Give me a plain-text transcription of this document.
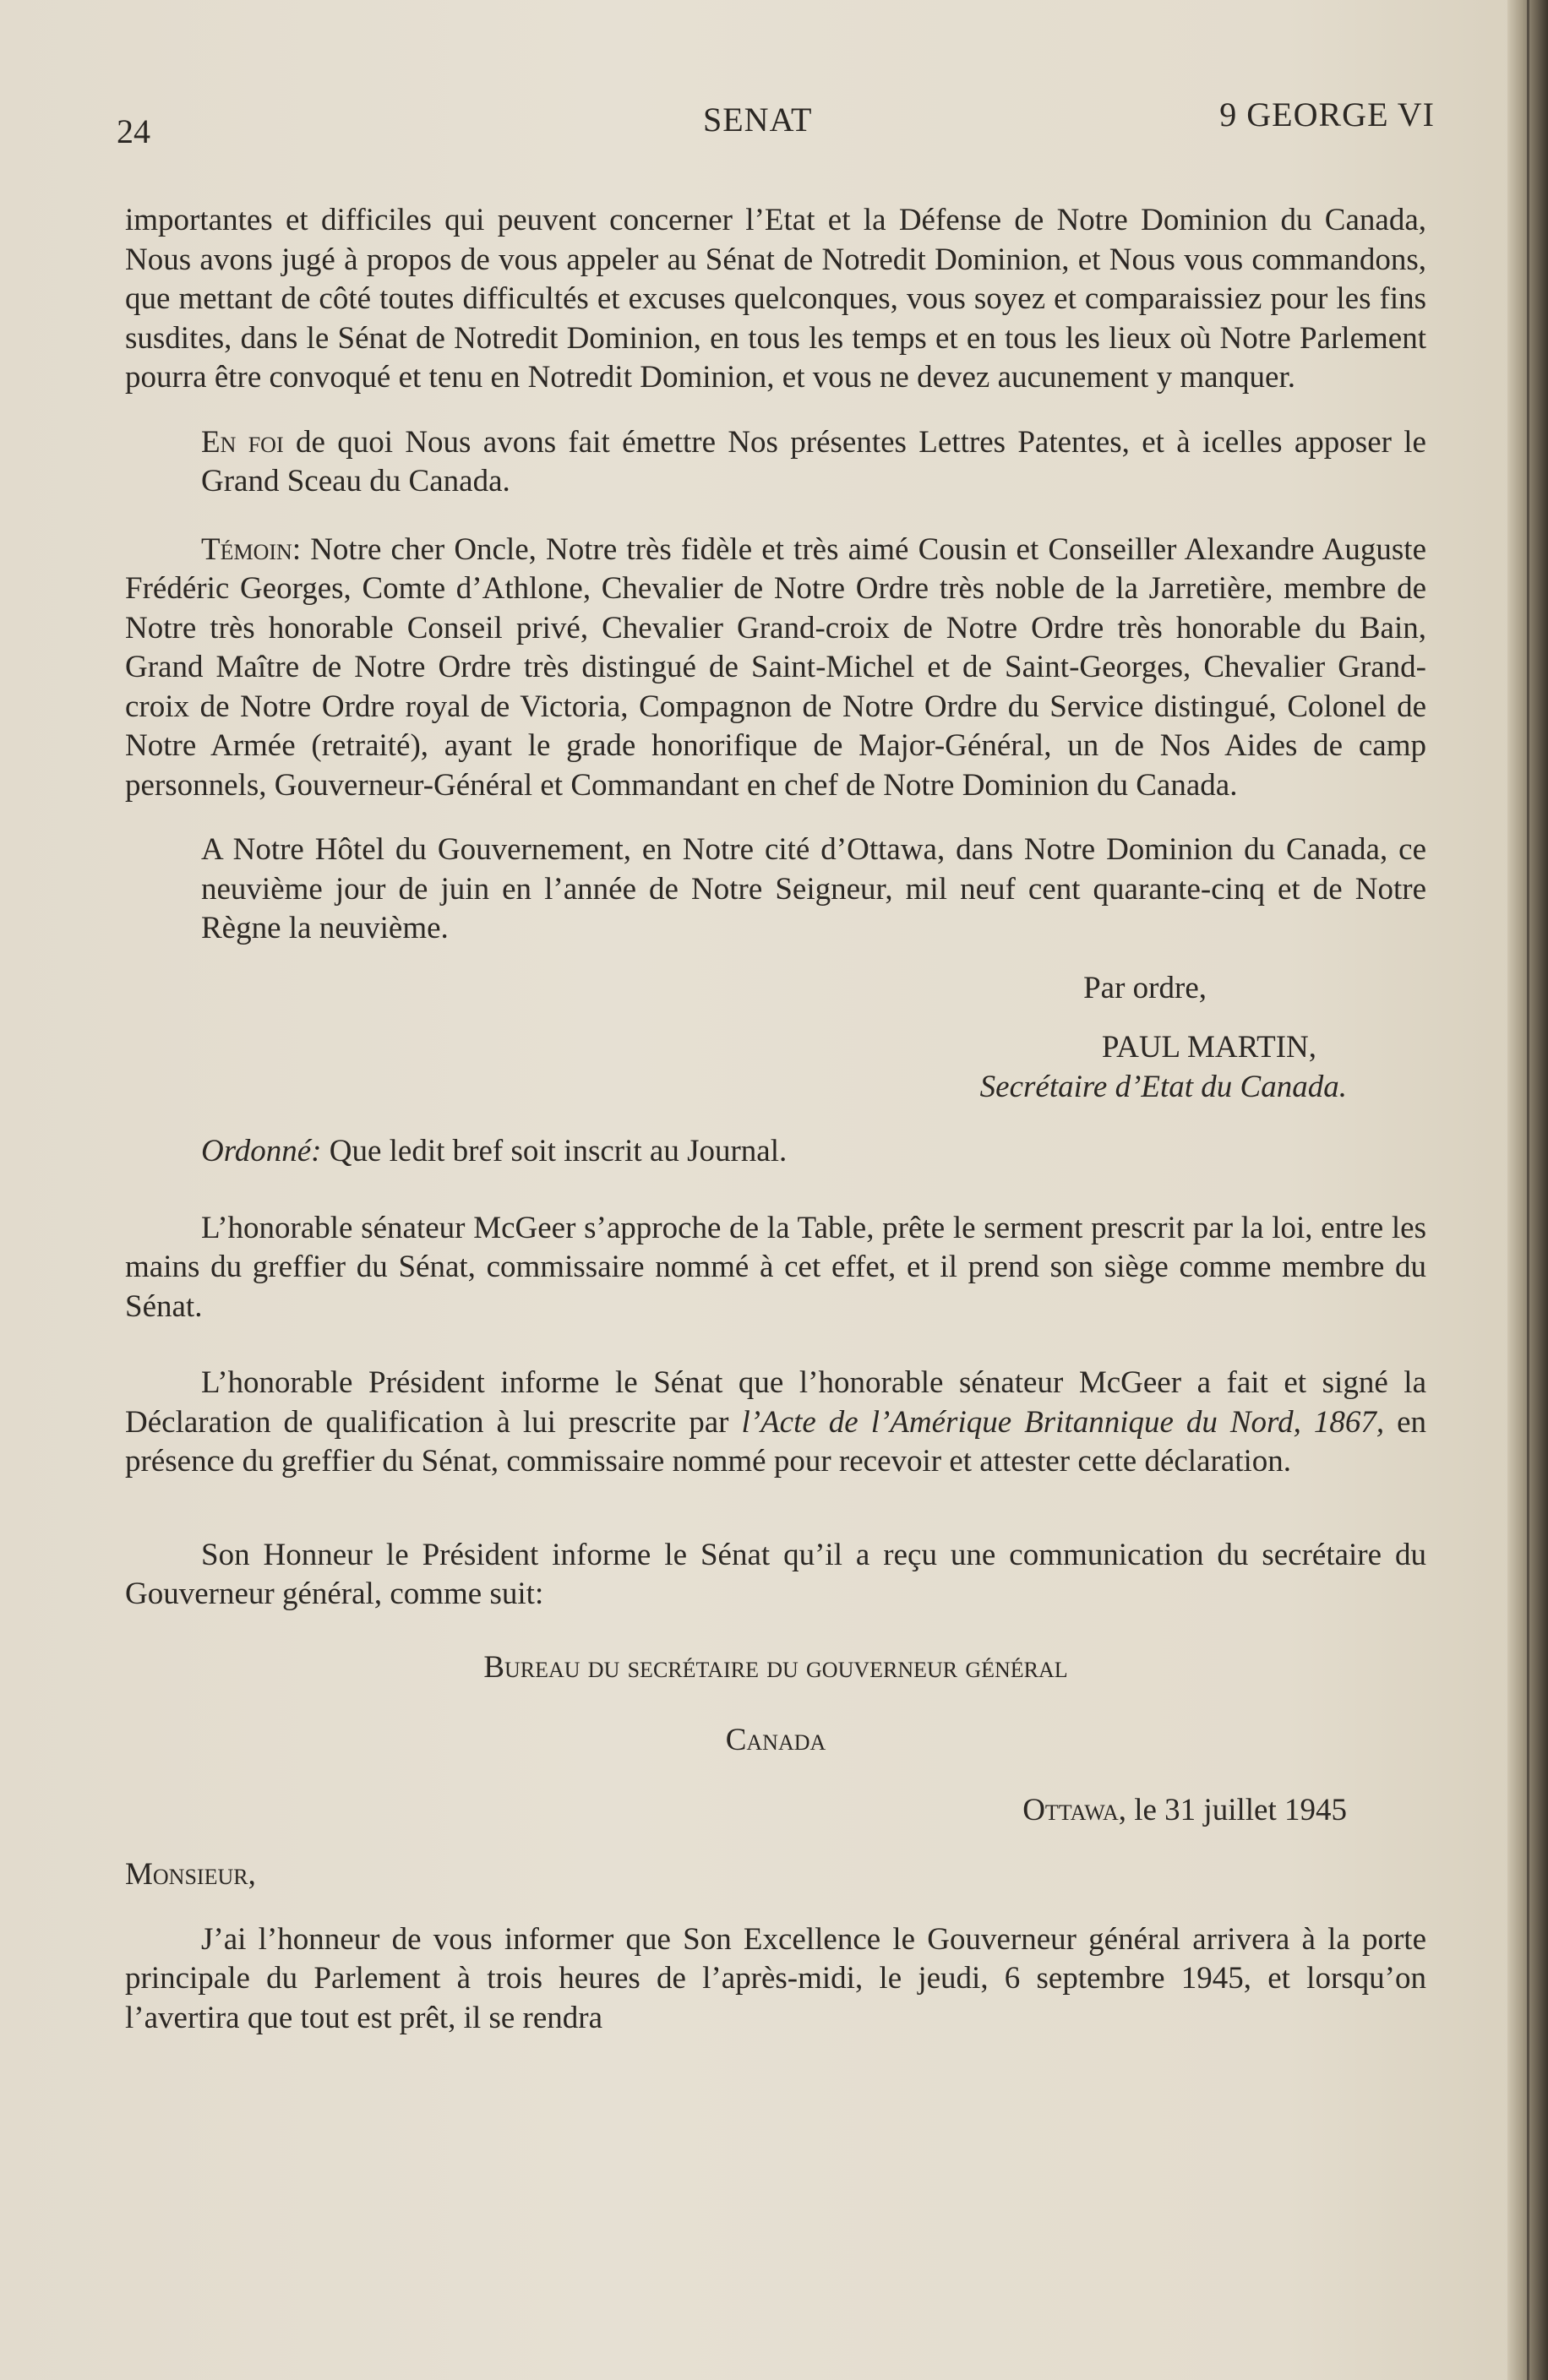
24	SENAT	9 GEORGE VI

importantes et difficiles qui peuvent concerner l’Etat et la Défense de Notre Dominion du Canada, Nous avons jugé à propos de vous appeler au Sénat de Notredit Dominion, et Nous vous commandons, que mettant de côté toutes difficultés et excuses quelconques, vous soyez et comparaissiez pour les fins susdites, dans le Sénat de Notredit Dominion, en tous les temps et en tous les lieux où Notre Parlement pourra être convoqué et tenu en Notredit Dominion, et vous ne devez aucunement y manquer.

En foi de quoi Nous avons fait émettre Nos présentes Lettres Patentes, et à icelles apposer le Grand Sceau du Canada.

Témoin: Notre cher Oncle, Notre très fidèle et très aimé Cousin et Conseiller Alexandre Auguste Frédéric Georges, Comte d’Athlone, Chevalier de Notre Ordre très noble de la Jarretière, membre de Notre très honorable Conseil privé, Chevalier Grand-croix de Notre Ordre très honorable du Bain, Grand Maître de Notre Ordre très distingué de Saint-Michel et de Saint-Georges, Chevalier Grand-croix de Notre Ordre royal de Victoria, Compagnon de Notre Ordre du Service distingué, Colonel de Notre Armée (retraité), ayant le grade honorifique de Major-Général, un de Nos Aides de camp personnels, Gouverneur-Général et Commandant en chef de Notre Dominion du Canada.

A Notre Hôtel du Gouvernement, en Notre cité d’Ottawa, dans Notre Dominion du Canada, ce neuvième jour de juin en l’année de Notre Seigneur, mil neuf cent quarante-cinq et de Notre Règne la neuvième.

Par ordre,

PAUL MARTIN,

Secrétaire d’Etat du Canada.

Ordonné: Que ledit bref soit inscrit au Journal.

L’honorable sénateur McGeer s’approche de la Table, prête le serment prescrit par la loi, entre les mains du greffier du Sénat, commissaire nommé à cet effet, et il prend son siège comme membre du Sénat.

L’honorable Président informe le Sénat que l’honorable sénateur McGeer a fait et signé la Déclaration de qualification à lui prescrite par l’Acte de l’Amérique Britannique du Nord, 1867, en présence du greffier du Sénat, commissaire nommé pour recevoir et attester cette déclaration.

Son Honneur le Président informe le Sénat qu’il a reçu une communication du secrétaire du Gouverneur général, comme suit:

Bureau du secrétaire du gouverneur général

Canada

Ottawa, le 31 juillet 1945

Monsieur,

J’ai l’honneur de vous informer que Son Excellence le Gouverneur général arrivera à la porte principale du Parlement à trois heures de l’après-midi, le jeudi, 6 septembre 1945, et lorsqu’on l’avertira que tout est prêt, il se rendra
